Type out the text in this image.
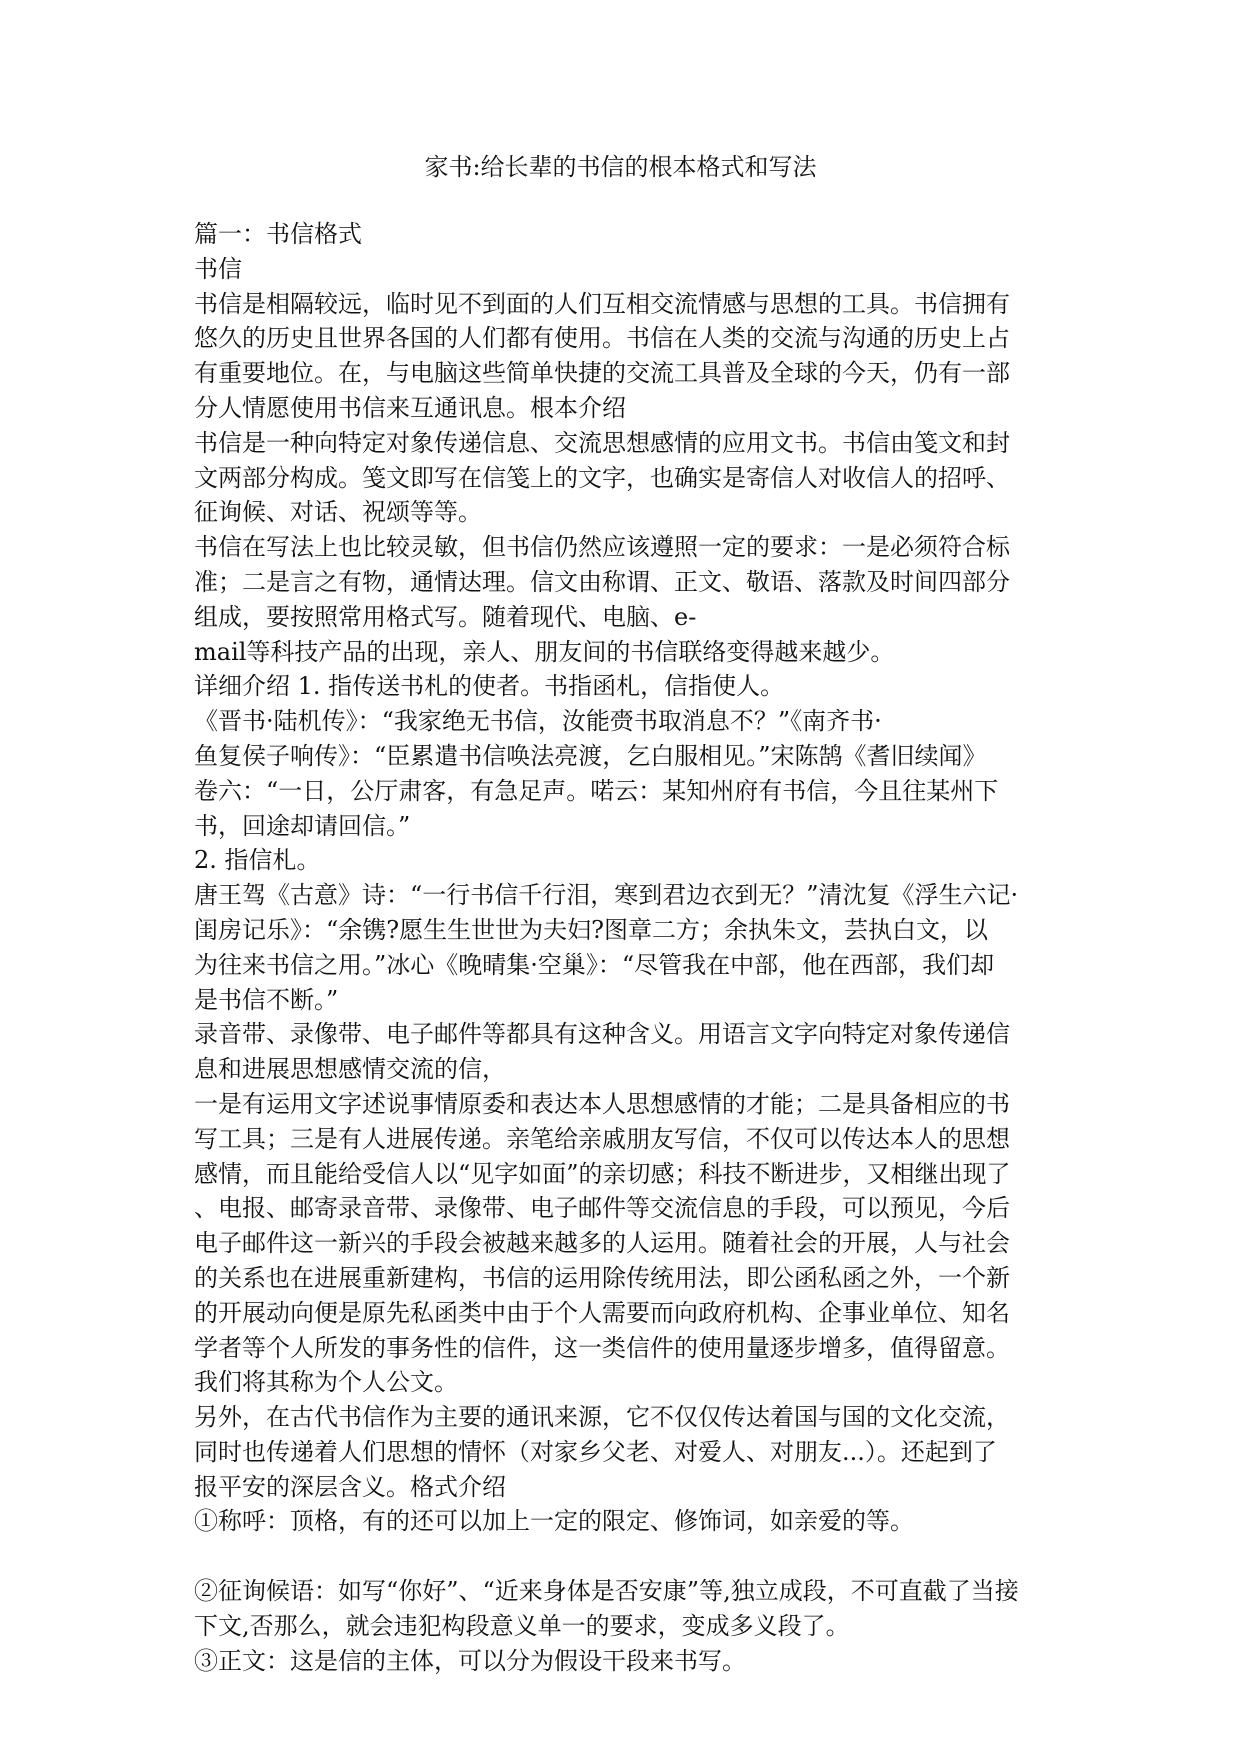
家书:给长辈的书信的根本格式和写法
篇一：书信格式
书信
书信是相隔较远，临时见不到面的人们互相交流情感与思想的工具。书信拥有
悠久的历史且世界各国的人们都有使用。书信在人类的交流与沟通的历史上占
有重要地位。在，与电脑这些简单快捷的交流工具普及全球的今天，仍有一部
分人情愿使用书信来互通讯息。根本介绍
书信是一种向特定对象传递信息、交流思想感情的应用文书。书信由笺文和封
文两部分构成。笺文即写在信笺上的文字，也确实是寄信人对收信人的招呼、
征询候、对话、祝颂等等。
书信在写法上也比较灵敏，但书信仍然应该遵照一定的要求：一是必须符合标
准；二是言之有物，通情达理。信文由称谓、正文、敬语、落款及时间四部分
组成，要按照常用格式写。随着现代、电脑、e-
mail等科技产品的出现，亲人、朋友间的书信联络变得越来越少。
详细介绍 1. 指传送书札的使者。书指函札，信指使人。
《晋书·陆机传》：“我家绝无书信，汝能赍书取消息不？”《南齐书·
鱼复侯子响传》：“臣累遣书信唤法亮渡，乞白服相见。”宋陈鹄《耆旧续闻》
卷六：“一日，公厅肃客，有急足声。喏云：某知州府有书信，今且往某州下
书，回途却请回信。”
2. 指信札。
唐王驾《古意》诗：“一行书信千行泪，寒到君边衣到无？”清沈复《浮生六记·
闺房记乐》：“余镌?愿生生世世为夫妇?图章二方；余执朱文，芸执白文，以
为往来书信之用。”冰心《晚晴集·空巢》：“尽管我在中部，他在西部，我们却
是书信不断。”
录音带、录像带、电子邮件等都具有这种含义。用语言文字向特定对象传递信
息和进展思想感情交流的信，
一是有运用文字述说事情原委和表达本人思想感情的才能；二是具备相应的书
写工具；三是有人进展传递。亲笔给亲戚朋友写信，不仅可以传达本人的思想
感情，而且能给受信人以“见字如面”的亲切感；科技不断进步，又相继出现了
、电报、邮寄录音带、录像带、电子邮件等交流信息的手段，可以预见，今后
电子邮件这一新兴的手段会被越来越多的人运用。随着社会的开展，人与社会
的关系也在进展重新建构，书信的运用除传统用法，即公函私函之外，一个新
的开展动向便是原先私函类中由于个人需要而向政府机构、企事业单位、知名
学者等个人所发的事务性的信件，这一类信件的使用量逐步增多，值得留意。
我们将其称为个人公文。
另外，在古代书信作为主要的通讯来源，它不仅仅传达着国与国的文化交流，
同时也传递着人们思想的情怀（对家乡父老、对爱人、对朋友...）。还起到了
报平安的深层含义。格式介绍
①称呼：顶格，有的还可以加上一定的限定、修饰词，如亲爱的等。
②征询候语：如写“你好”、“近来身体是否安康”等,独立成段，不可直截了当接
下文,否那么，就会违犯构段意义单一的要求，变成多义段了。
③正文：这是信的主体，可以分为假设干段来书写。
